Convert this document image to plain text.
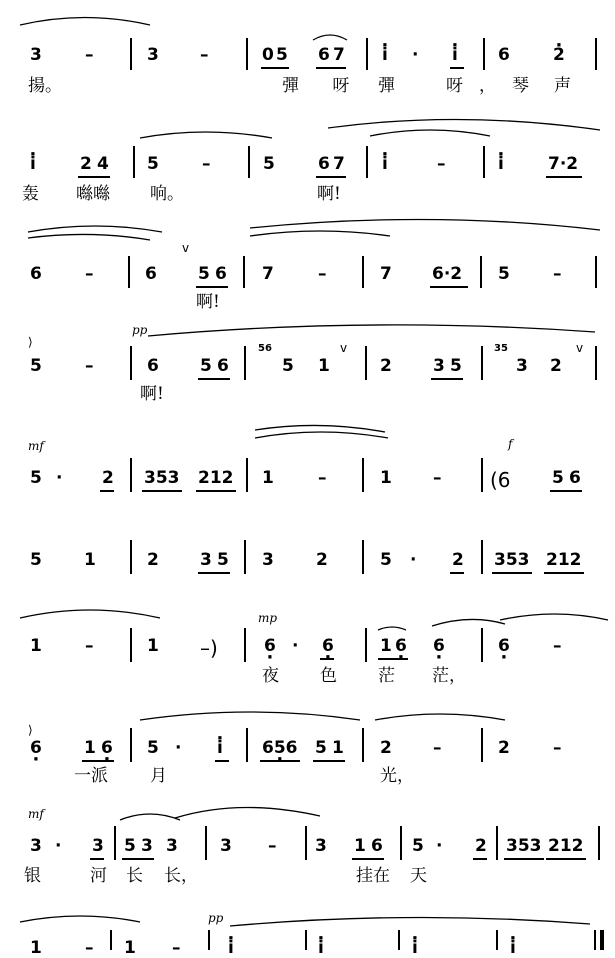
3	–	3 –	0 5 6 7 · i · · i 6	· 2
揚。	彈 呀 彈	呀，琴 声
· i	2 4 5	–	5	6 7 · i	–	· i	7·2
轰 噝噝 响。	啊!
v
6	–	6 5 6 7	–	7 6·2 5	–
啊!
⟩
pp
v	v
5	–	6 5 6
56
5 1	2 3 5
35
3 2
啊!
mf	f
5 · 2 353 212 1	–	1 – (6 5 6
5 1	2 3 5 3 2	5 · 2 353 212
mp
1	–	1 –)	6 · · 6 ·	1 6 · 6 ·	6 ·	–
夜 色 茫 茫，
⟩
6 · 1 6 · 5 · · i 656 · 5 1 2 –	2	–
一派 月	光，
mf
3 · 3 5 3 3 3 – 3 1 6 5 · 2 353 212
银	河 长 长，	挂在 天
pp
1	– 1 –	· i	· i	· i	· i
